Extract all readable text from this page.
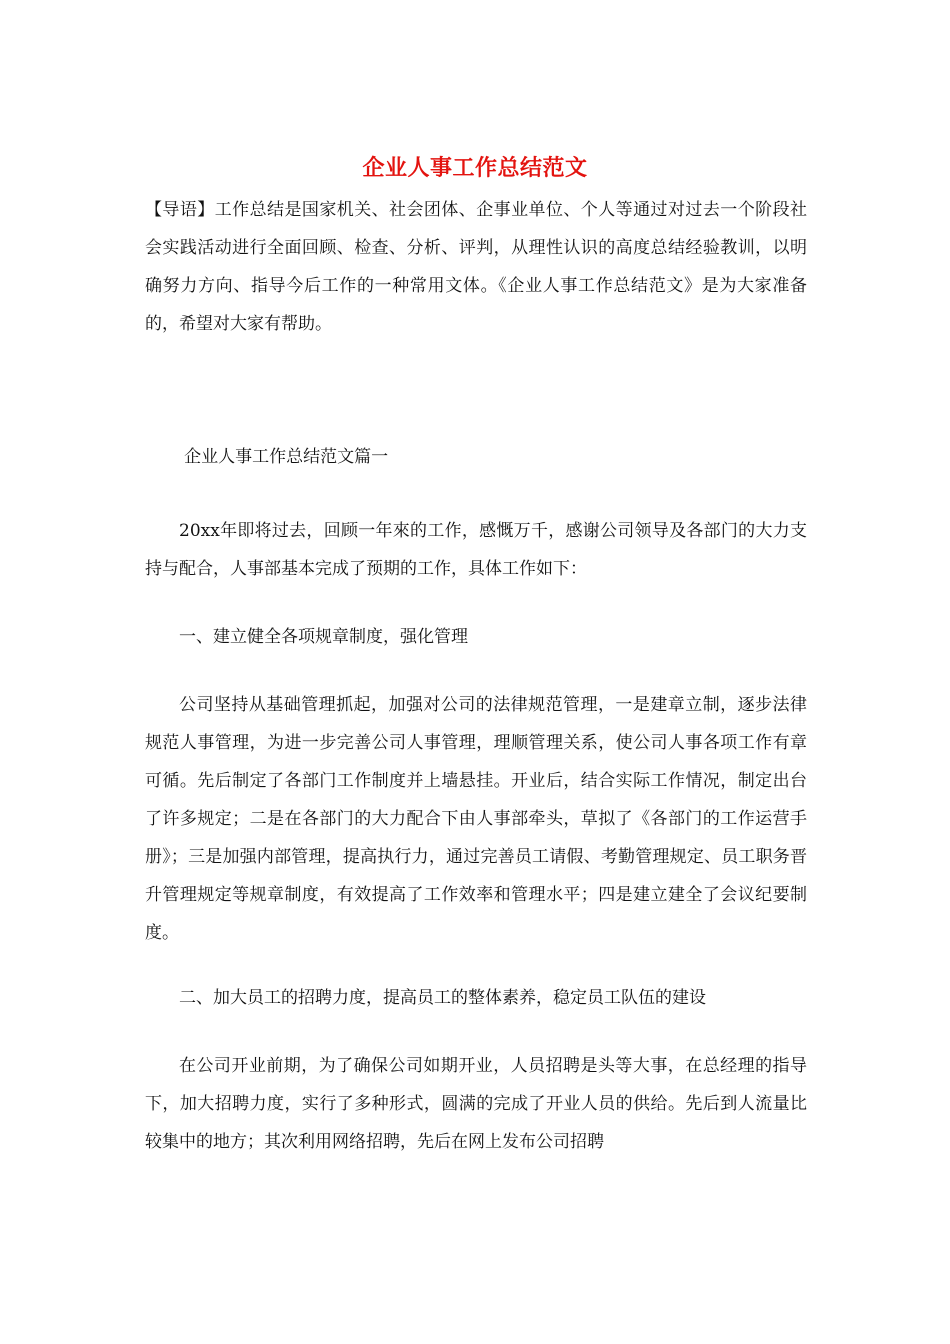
企业人事工作总结范文

【导语】工作总结是国家机关、社会团体、企事业单位、个人等通过对过去一个阶段社会实践活动进行全面回顾、检查、分析、评判，从理性认识的高度总结经验教训，以明确努力方向、指导今后工作的一种常用文体。《企业人事工作总结范文》是为大家准备的，希望对大家有帮助。

企业人事工作总结范文篇一

20xx年即将过去，回顾一年來的工作，感慨万千，感谢公司领导及各部门的大力支持与配合，人事部基本完成了预期的工作，具体工作如下：

一、建立健全各项规章制度，强化管理

公司坚持从基础管理抓起，加强对公司的法律规范管理，一是建章立制，逐步法律规范人事管理，为进一步完善公司人事管理，理顺管理关系，使公司人事各项工作有章可循。先后制定了各部门工作制度并上墙悬挂。开业后，结合实际工作情况，制定出台了许多规定；二是在各部门的大力配合下由人事部牵头，草拟了《各部门的工作运营手册》；三是加强内部管理，提高执行力，通过完善员工请假、考勤管理规定、员工职务晋升管理规定等规章制度，有效提高了工作效率和管理水平；四是建立建全了会议纪要制度。

二、加大员工的招聘力度，提高员工的整体素养，稳定员工队伍的建设

在公司开业前期，为了确保公司如期开业，人员招聘是头等大事，在总经理的指导下，加大招聘力度，实行了多种形式，圆满的完成了开业人员的供给。先后到人流量比较集中的地方；其次利用网络招聘，先后在网上发布公司招聘
